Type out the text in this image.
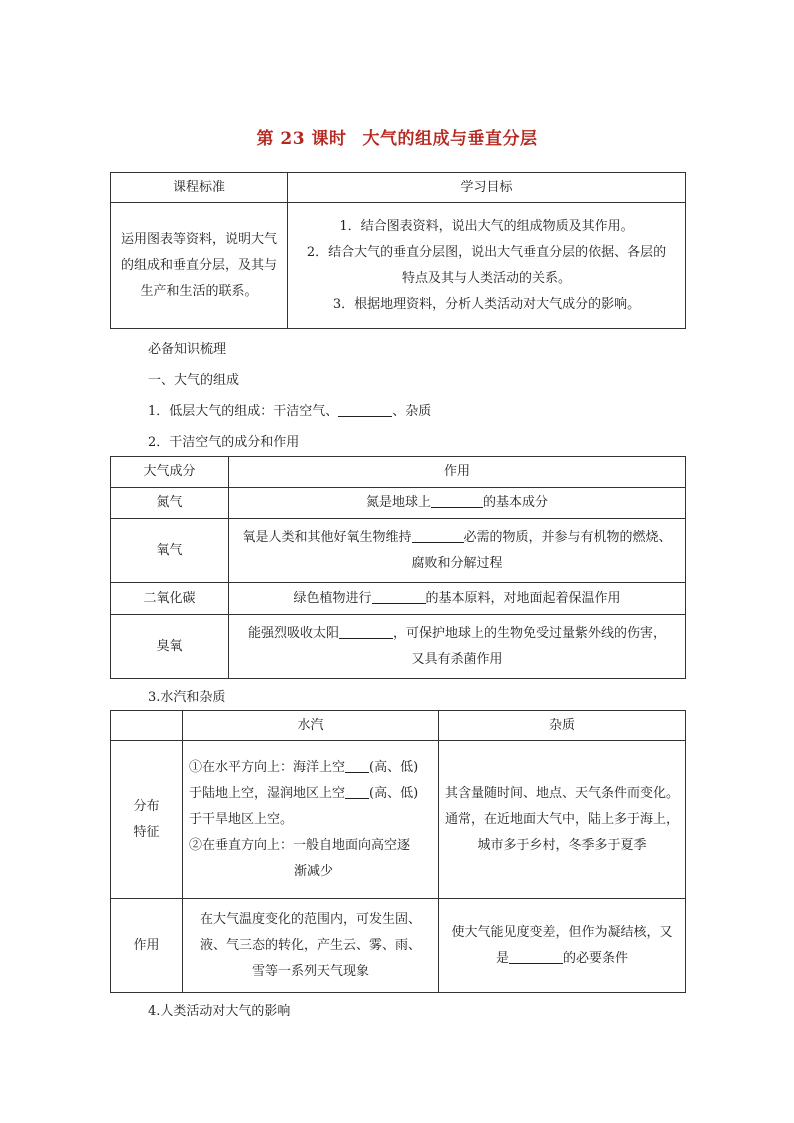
第 23 课时 大气的组成与垂直分层
课程标准	学习目标

运用图表等资料，说明大气
的组成和垂直分层，及其与
生产和生活的联系。	1．结合图表资料，说出大气的组成物质及其作用。
2．结合大气的垂直分层图，说出大气垂直分层的依据、各层的
特点及其与人类活动的关系。
3．根据地理资料，分析人类活动对大气成分的影响。
必备知识梳理
一、大气的组成
1．低层大气的组成：干洁空气、	、杂质
2．干洁空气的成分和作用
大气成分	作用
氮气	氮是地球上 的基本成分
氧气	氧是人类和其他好氧生物维持 必需的物质，并参与有机物的燃烧、
腐败和分解过程

二氧化碳	绿色植物进行 的基本原料，对地面起着保温作用
臭氧	能强烈吸收太阳 ，可保护地球上的生物免受过量紫外线的伤害，
又具有杀菌作用
3.水汽和杂质
	水汽	杂质

分布
特征	①在水平方向上：海洋上空 (高、低)
于陆地上空，湿润地区上空 (高、低)
于干旱地区上空。
②在垂直方向上：一般自地面向高空逐
渐减少	其含量随时间、地点、天气条件而变化。
通常，在近地面大气中，陆上多于海上，
城市多于乡村，冬季多于夏季

作用	在大气温度变化的范围内，可发生固、
液、气三态的转化，产生云、雾、雨、
雪等一系列天气现象	使大气能见度变差，但作为凝结核，又
是 的必要条件
4.人类活动对大气的影响
